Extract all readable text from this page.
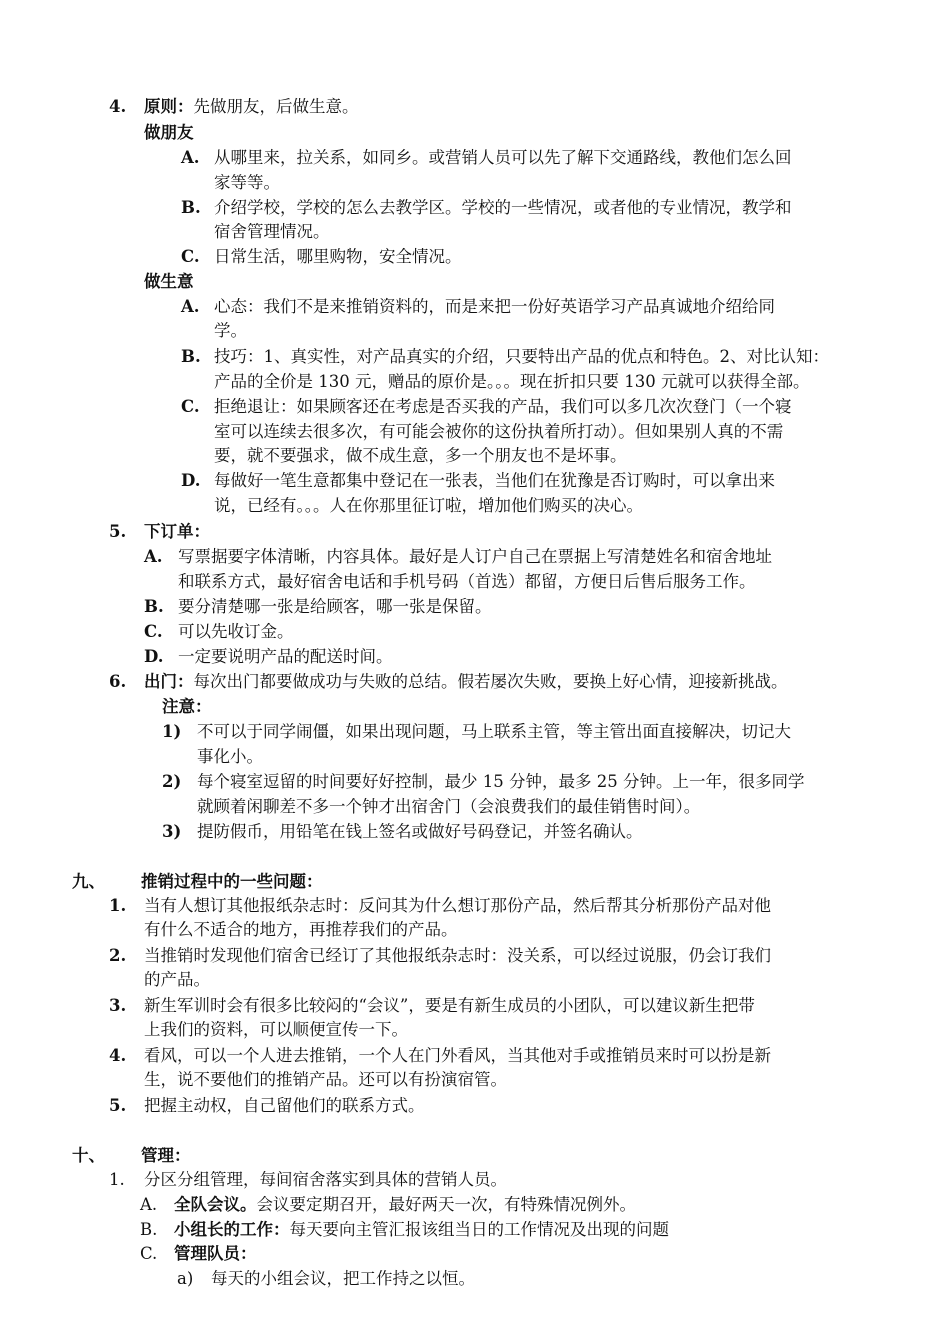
4. 原则：先做朋友，后做生意。
做朋友
A. 从哪里来，拉关系，如同乡。或营销人员可以先了解下交通路线，教他们怎么回
家等等。
B. 介绍学校，学校的怎么去教学区。学校的一些情况，或者他的专业情况，教学和
宿舍管理情况。
C. 日常生活，哪里购物，安全情况。
做生意
A. 心态：我们不是来推销资料的，而是来把一份好英语学习产品真诚地介绍给同
学。
B. 技巧：1、真实性，对产品真实的介绍，只要特出产品的优点和特色。2、对比认知：
产品的全价是 130 元，赠品的原价是。。。现在折扣只要 130 元就可以获得全部。
C. 拒绝退让：如果顾客还在考虑是否买我的产品，我们可以多几次次登门（一个寝
室可以连续去很多次，有可能会被你的这份执着所打动）。但如果别人真的不需
要，就不要强求，做不成生意，多一个朋友也不是坏事。
D. 每做好一笔生意都集中登记在一张表，当他们在犹豫是否订购时，可以拿出来
说，已经有。。。人在你那里征订啦，增加他们购买的决心。
5. 下订单：
A. 写票据要字体清晰，内容具体。最好是人订户自己在票据上写清楚姓名和宿舍地址
和联系方式，最好宿舍电话和手机号码（首选）都留，方便日后售后服务工作。
B. 要分清楚哪一张是给顾客，哪一张是保留。
C. 可以先收订金。
D. 一定要说明产品的配送时间。
6. 出门：每次出门都要做成功与失败的总结。假若屡次失败，要换上好心情，迎接新挑战。
注意：
1) 不可以于同学闹僵，如果出现问题，马上联系主管，等主管出面直接解决，切记大
事化小。
2) 每个寝室逗留的时间要好好控制，最少 15 分钟，最多 25 分钟。上一年，很多同学
就顾着闲聊差不多一个钟才出宿舍门（会浪费我们的最佳销售时间）。
3) 提防假币，用铅笔在钱上签名或做好号码登记，并签名确认。
九、 推销过程中的一些问题：
1. 当有人想订其他报纸杂志时：反问其为什么想订那份产品，然后帮其分析那份产品对他
有什么不适合的地方，再推荐我们的产品。
2. 当推销时发现他们宿舍已经订了其他报纸杂志时：没关系，可以经过说服，仍会订我们
的产品。
3. 新生军训时会有很多比较闷的“会议”，要是有新生成员的小团队，可以建议新生把带
上我们的资料，可以顺便宣传一下。
4. 看风，可以一个人进去推销，一个人在门外看风，当其他对手或推销员来时可以扮是新
生，说不要他们的推销产品。还可以有扮演宿管。
5. 把握主动权，自己留他们的联系方式。
十、 管理：
1. 分区分组管理，每间宿舍落实到具体的营销人员。
A. 全队会议。会议要定期召开，最好两天一次，有特殊情况例外。
B. 小组长的工作：每天要向主管汇报该组当日的工作情况及出现的问题
C. 管理队员：
a) 每天的小组会议，把工作持之以恒。
